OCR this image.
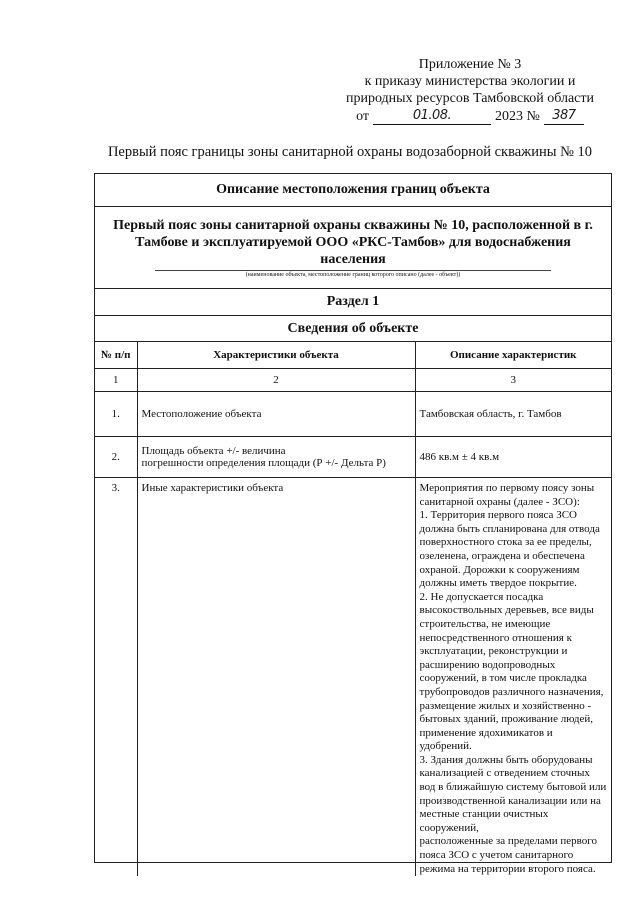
Приложение № 3
к приказу министерства экологии и
природных ресурсов Тамбовской области
от	01.08.	2023 № 387
Первый пояс границы зоны санитарной охраны водозаборной скважины № 10
Описание местоположения границ объекта
Первый пояс зоны санитарной охраны скважины № 10, расположенной в г. Тамбове и эксплуатируемой ООО «РКС-Тамбов» для водоснабжения населения
(наименование объекта, местоположение границ которого описано (далее - объект))
Раздел 1
Сведения об объекте
№ п/п	Характеристики объекта	Описание характеристик
1	2	3
1.	Местоположение объекта	Тамбовская область, г. Тамбов
2.	Площадь объекта +/- величина
погрешности определения площади (Р +/- Дельта Р)	486 кв.м ± 4 кв.м
3.	Иные характеристики объекта	Мероприятия по первому поясу зоны санитарной охраны (далее - ЗСО):

1. Территория первого пояса ЗСО должна быть спланирована для отвода поверхностного стока за ее пределы, озеленена, ограждена и обеспечена охраной. Дорожки к сооружениям должны иметь твердое покрытие.

2. Не допускается посадка высокоствольных деревьев, все виды строительства, не имеющие непосредственного отношения к эксплуатации, реконструкции и расширению водопроводных сооружений, в том числе прокладка трубопроводов различного назначения, размещение жилых и хозяйственно - бытовых зданий, проживание людей, применение ядохимикатов и удобрений.

3. Здания должны быть оборудованы канализацией с отведением сточных вод в ближайшую систему бытовой или производственной канализации или на местные станции очистных сооружений,

расположенные за пределами первого пояса ЗСО с учетом санитарного режима на территории второго пояса.
